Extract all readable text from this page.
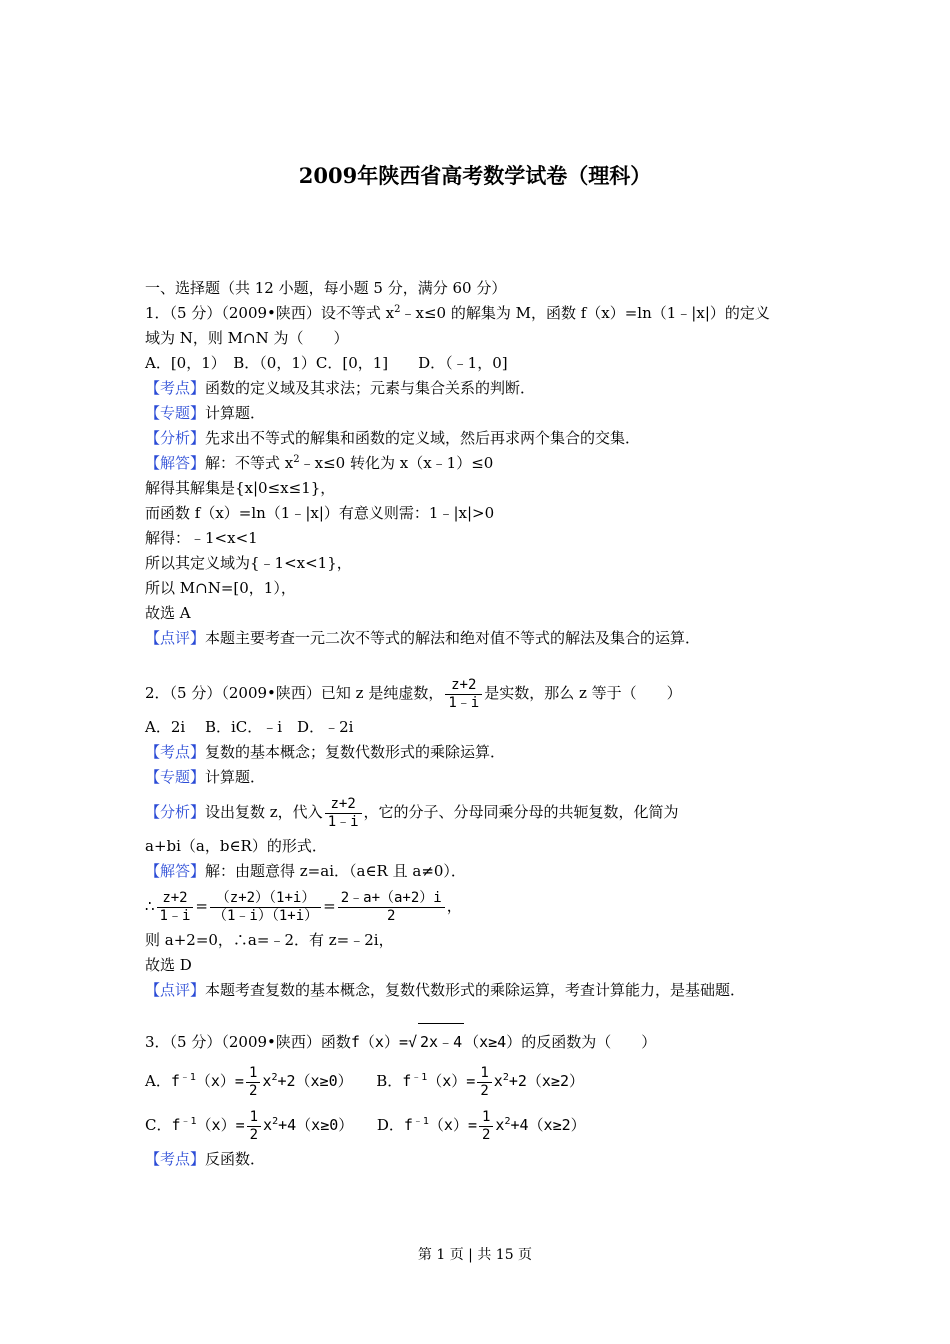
2009年陕西省高考数学试卷（理科）
一、选择题（共 12 小题，每小题 5 分，满分 60 分）
1．（5 分）（2009•陕西）设不等式 $x^2﹣x\le 0$ 的解集为 M，函数 f（x）=ln（1﹣|x|）的定义
域为 N，则 M∩N 为（　　）
A．[0，1）　B．（0，1）C．[0，1]　　D．（﹣1，0]
【考点】函数的定义域及其求法；元素与集合关系的判断．
【专题】计算题．
【分析】先求出不等式的解集和函数的定义域，然后再求两个集合的交集．
【解答】解：不等式 $x^2﹣x\le 0$ 转化为 x（x﹣1）≤0
解得其解集是{x|0≤x≤1}，
而函数 f（x）=ln（1﹣|x|）有意义则需：1﹣|x|>0
解得：﹣1<x<1
所以其定义域为{﹣1<x<1}，
所以 M∩N=[0，1），
故选 A
【点评】本题主要考查一元二次不等式的解法和绝对值不等式的解法及集合的运算．
2．（5 分）（2009•陕西）已知 z 是纯虚数， $\frac{z+2}{1﹣i}$ 是实数，那么 z 等于（　　）
A．2i　 B．iC．﹣i　D．﹣2i
【考点】复数的基本概念；复数代数形式的乘除运算．
【专题】计算题．
【分析】设出复数 z，代入 $\frac{z+2}{1﹣i}$ ，它的分子、分母同乘分母的共轭复数，化简为
a+bi（a，b∈R）的形式．
【解答】解：由题意得 z=ai．（a∈R 且 a≠0）．
∴ $\frac{z+2}{1﹣i} = \frac{(z+2)(1+i)}{(1﹣i)(1+i)} = \frac{2﹣a+(a+2)i}{2}$ ，
则 a+2=0，∴a=﹣2．有 z=﹣2i，
故选 D
【点评】本题考查复数的基本概念，复数代数形式的乘除运算，考查计算能力，是基础题．
3．（5 分）（2009•陕西）函数f（x）=√ 2x﹣4 （x≥4）的反函数为（　　）
A．$f^{﹣1}(x)= \frac{1}{2} x^2+2(x\ge 0)$ B．$f^{﹣1}(x)= \frac{1}{2} x^2+2(x\ge 2)$
C．$f^{﹣1}(x)= \frac{1}{2} x^2+4(x\ge 0)$ D．$f^{﹣1}(x)= \frac{1}{2} x^2+4(x\ge 2)$
【考点】反函数．
第 1 页 | 共 15 页
